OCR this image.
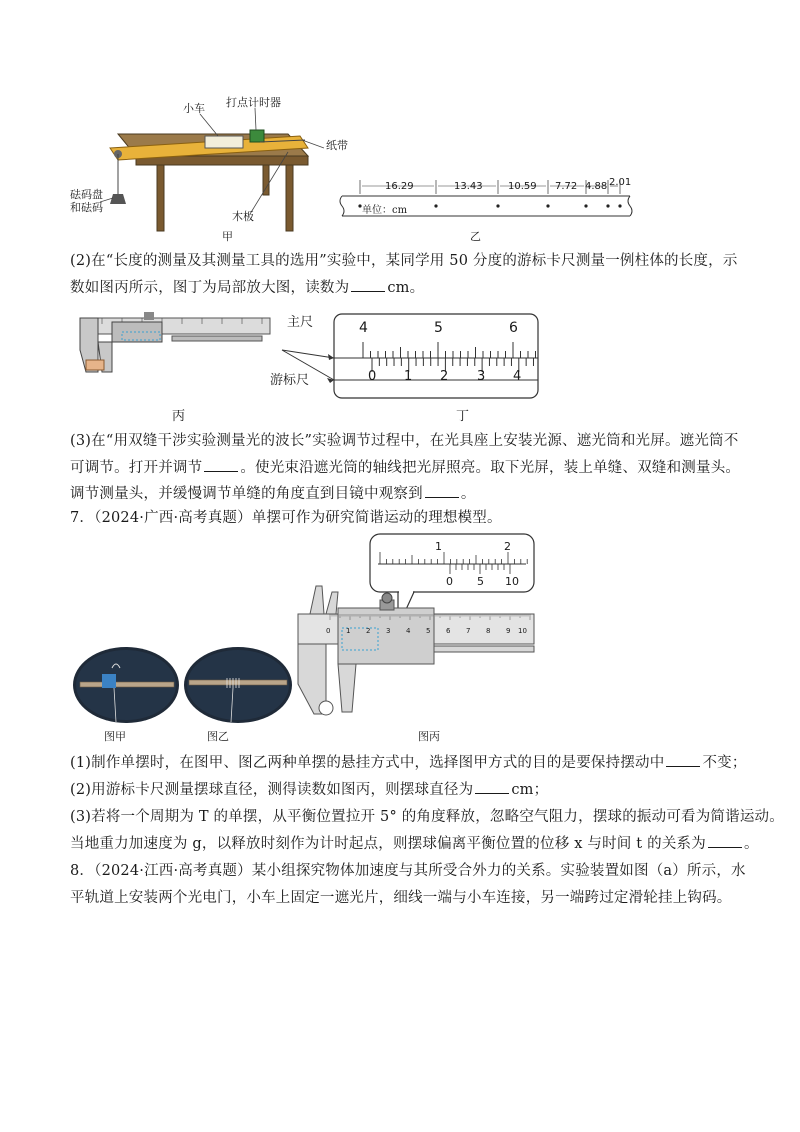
小车 打点计时器
纸带
砝码盘
和砝码
木板
甲
16.29	13.43	10.59 7.72 4.88 2.01
单位：cm
乙
(2)在“长度的测量及其测量工具的选用”实验中，某同学用 50 分度的游标卡尺测量一例柱体的长度，示
数如图丙所示，图丁为局部放大图，读数为	cm。
丙
主尺
游标尺
4	5	6
0 1 2 3 4
丁
(3)在“用双缝干涉实验测量光的波长”实验调节过程中，在光具座上安装光源、遮光筒和光屏。遮光筒不
可调节。打开并调节	。使光束沿遮光筒的轴线把光屏照亮。取下光屏，装上单缝、双缝和测量头。
调节测量头，并缓慢调节单缝的角度直到目镜中观察到	。
7．（2024·广西·高考真题）单摆可作为研究简谐运动的理想模型。
1	2
0 5 10
0 1 2 3 4 5 6 7 8 9 10
图甲	图乙	图丙
(1)制作单摆时，在图甲、图乙两种单摆的悬挂方式中，选择图甲方式的目的是要保持摆动中	不变；
(2)用游标卡尺测量摆球直径，测得读数如图丙，则摆球直径为	cm；
(3)若将一个周期为 T 的单摆，从平衡位置拉开 5° 的角度释放，忽略空气阻力，摆球的振动可看为简谐运动。
当地重力加速度为 g，以释放时刻作为计时起点，则摆球偏离平衡位置的位移 x 与时间 t 的关系为	。
8．（2024·江西·高考真题）某小组探究物体加速度与其所受合外力的关系。实验装置如图（a）所示，水
平轨道上安装两个光电门，小车上固定一遮光片，细线一端与小车连接，另一端跨过定滑轮挂上钩码。
